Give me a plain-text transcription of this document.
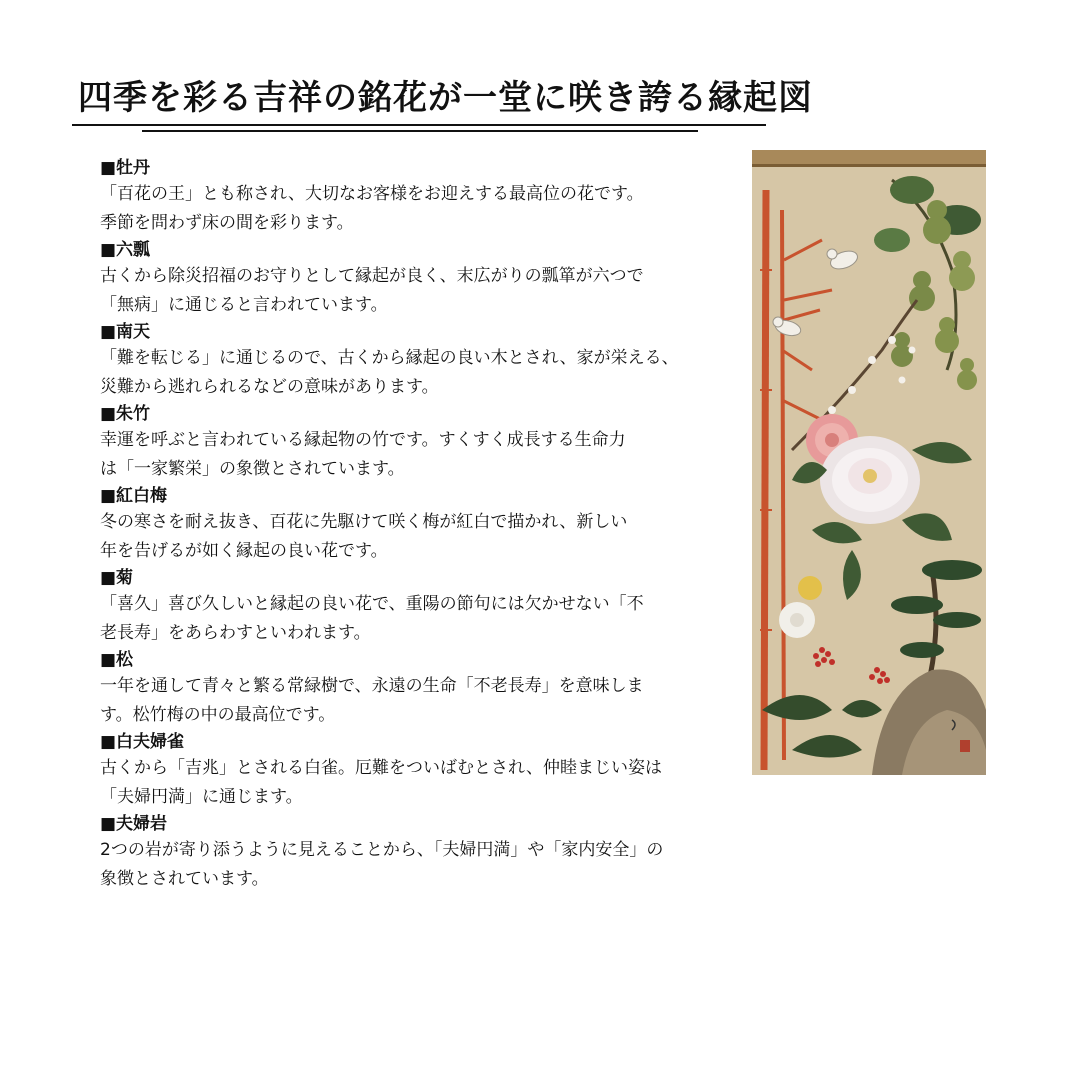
四季を彩る吉祥の銘花が一堂に咲き誇る縁起図
■牡丹
「百花の王」とも称され、大切なお客様をお迎えする最高位の花です。
季節を問わず床の間を彩ります。
■六瓢
古くから除災招福のお守りとして縁起が良く、末広がりの瓢箪が六つで
「無病」に通じると言われています。
■南天
「難を転じる」に通じるので、古くから縁起の良い木とされ、家が栄える、
災難から逃れられるなどの意味があります。
■朱竹
幸運を呼ぶと言われている縁起物の竹です。すくすく成長する生命力
は「一家繁栄」の象徴とされています。
■紅白梅
冬の寒さを耐え抜き、百花に先駆けて咲く梅が紅白で描かれ、新しい
年を告げるが如く縁起の良い花です。
■菊
「喜久」喜び久しいと縁起の良い花で、重陽の節句には欠かせない「不
老長寿」をあらわすといわれます。
■松
一年を通して青々と繁る常緑樹で、永遠の生命「不老長寿」を意味しま
す。松竹梅の中の最高位です。
■白夫婦雀
古くから「吉兆」とされる白雀。厄難をついばむとされ、仲睦まじい姿は
「夫婦円満」に通じます。
■夫婦岩
2つの岩が寄り添うように見えることから、「夫婦円満」や「家内安全」の
象徴とされています。
